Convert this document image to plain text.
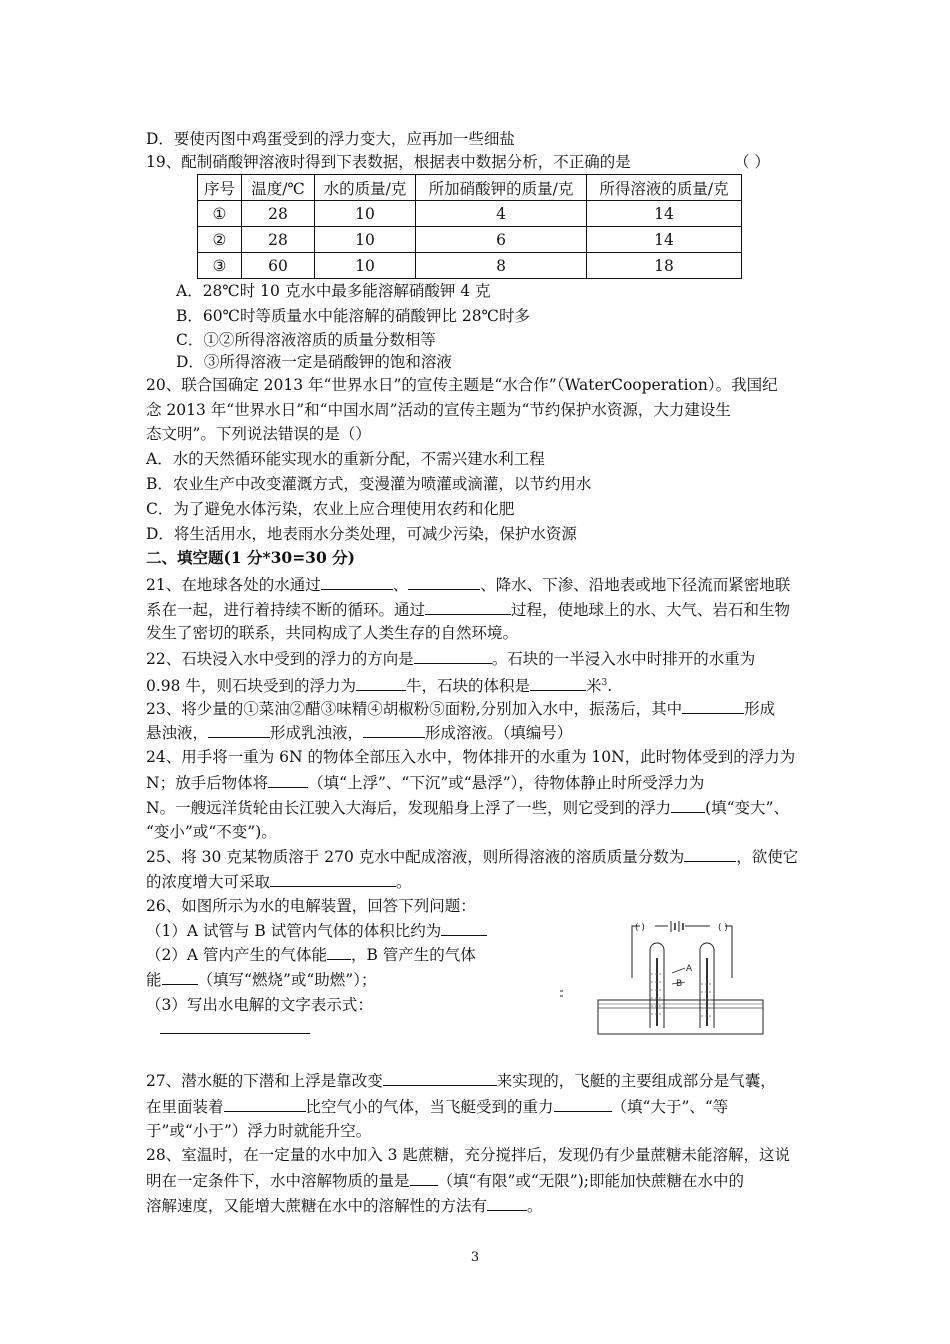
D．要使丙图中鸡蛋受到的浮力变大，应再加一些细盐
19、配制硝酸钾溶液时得到下表数据，根据表中数据分析，不正确的是	（ ）
序号	温度/℃	水的质量/克	所加硝酸钾的质量/克	所得溶液的质量/克
①	28	10	4	14
②	28	10	6	14
③	60	10	8	18
A．28℃时 10 克水中最多能溶解硝酸钾 4 克
B．60℃时等质量水中能溶解的硝酸钾比 28℃时多
C．①②所得溶液溶质的质量分数相等
D．③所得溶液一定是硝酸钾的饱和溶液
20、联合国确定 2013 年“世界水日”的宣传主题是“水合作”（WaterCooperation）。我国纪
念 2013 年“世界水日”和“中国水周”活动的宣传主题为“节约保护水资源，大力建设生
态文明”。下列说法错误的是（）
A．水的天然循环能实现水的重新分配，不需兴建水利工程
B．农业生产中改变灌溉方式，变漫灌为喷灌或滴灌，以节约用水
C．为了避免水体污染，农业上应合理使用农药和化肥
D．将生活用水，地表雨水分类处理，可减少污染，保护水资源
二、填空题(1 分*30=30 分)
21、在地球各处的水通过	、	、降水、下渗、沿地表或地下径流而紧密地联
系在一起，进行着持续不断的循环。通过	过程，使地球上的水、大气、岩石和生物
发生了密切的联系，共同构成了人类生存的自然环境。
22、石块浸入水中受到的浮力的方向是	。石块的一半浸入水中时排开的水重为
0.98 牛，则石块受到的浮力为	牛，石块的体积是	米$^3$.
23、将少量的①菜油②醋③味精④胡椒粉⑤面粉,分别加入水中，振荡后，其中	形成
悬浊液，	形成乳浊液，	形成溶液。（填编号）
24、用手将一重为 6N 的物体全部压入水中，物体排开的水重为 10N，此时物体受到的浮力为
N；放手后物体将	（填“上浮”、“下沉”或“悬浮”），待物体静止时所受浮力为
N。一艘远洋货轮由长江驶入大海后，发现船身上浮了一些，则它受到的浮力 (填“变大”、
“变小”或“不变”)。
25、将 30 克某物质溶于 270 克水中配成溶液，则所得溶液的溶质质量分数为	，欲使它
的浓度增大可采取	。
26、如图所示为水的电解装置，回答下列问题：
（1）A 试管与 B 试管内气体的体积比约为
（2）A 管内产生的气体能 ，B 管产生的气体
能 （填写“燃烧”或“助燃”）；
（3）写出水电解的文字表示式：
( )	( )
A
B
27、潜水艇的下潜和上浮是靠改变	来实现的，飞艇的主要组成部分是气囊，
在里面装着	比空气小的气体，当飞艇受到的重力	（填“大于”、“等
于”或“小于”）浮力时就能升空。
28、室温时，在一定量的水中加入 3 匙蔗糖，充分搅拌后，发现仍有少量蔗糖未能溶解，这说
明在一定条件下，水中溶解物质的量是 （填“有限”或“无限”);即能加快蔗糖在水中的
溶解速度，又能增大蔗糖在水中的溶解性的方法有	。
3
